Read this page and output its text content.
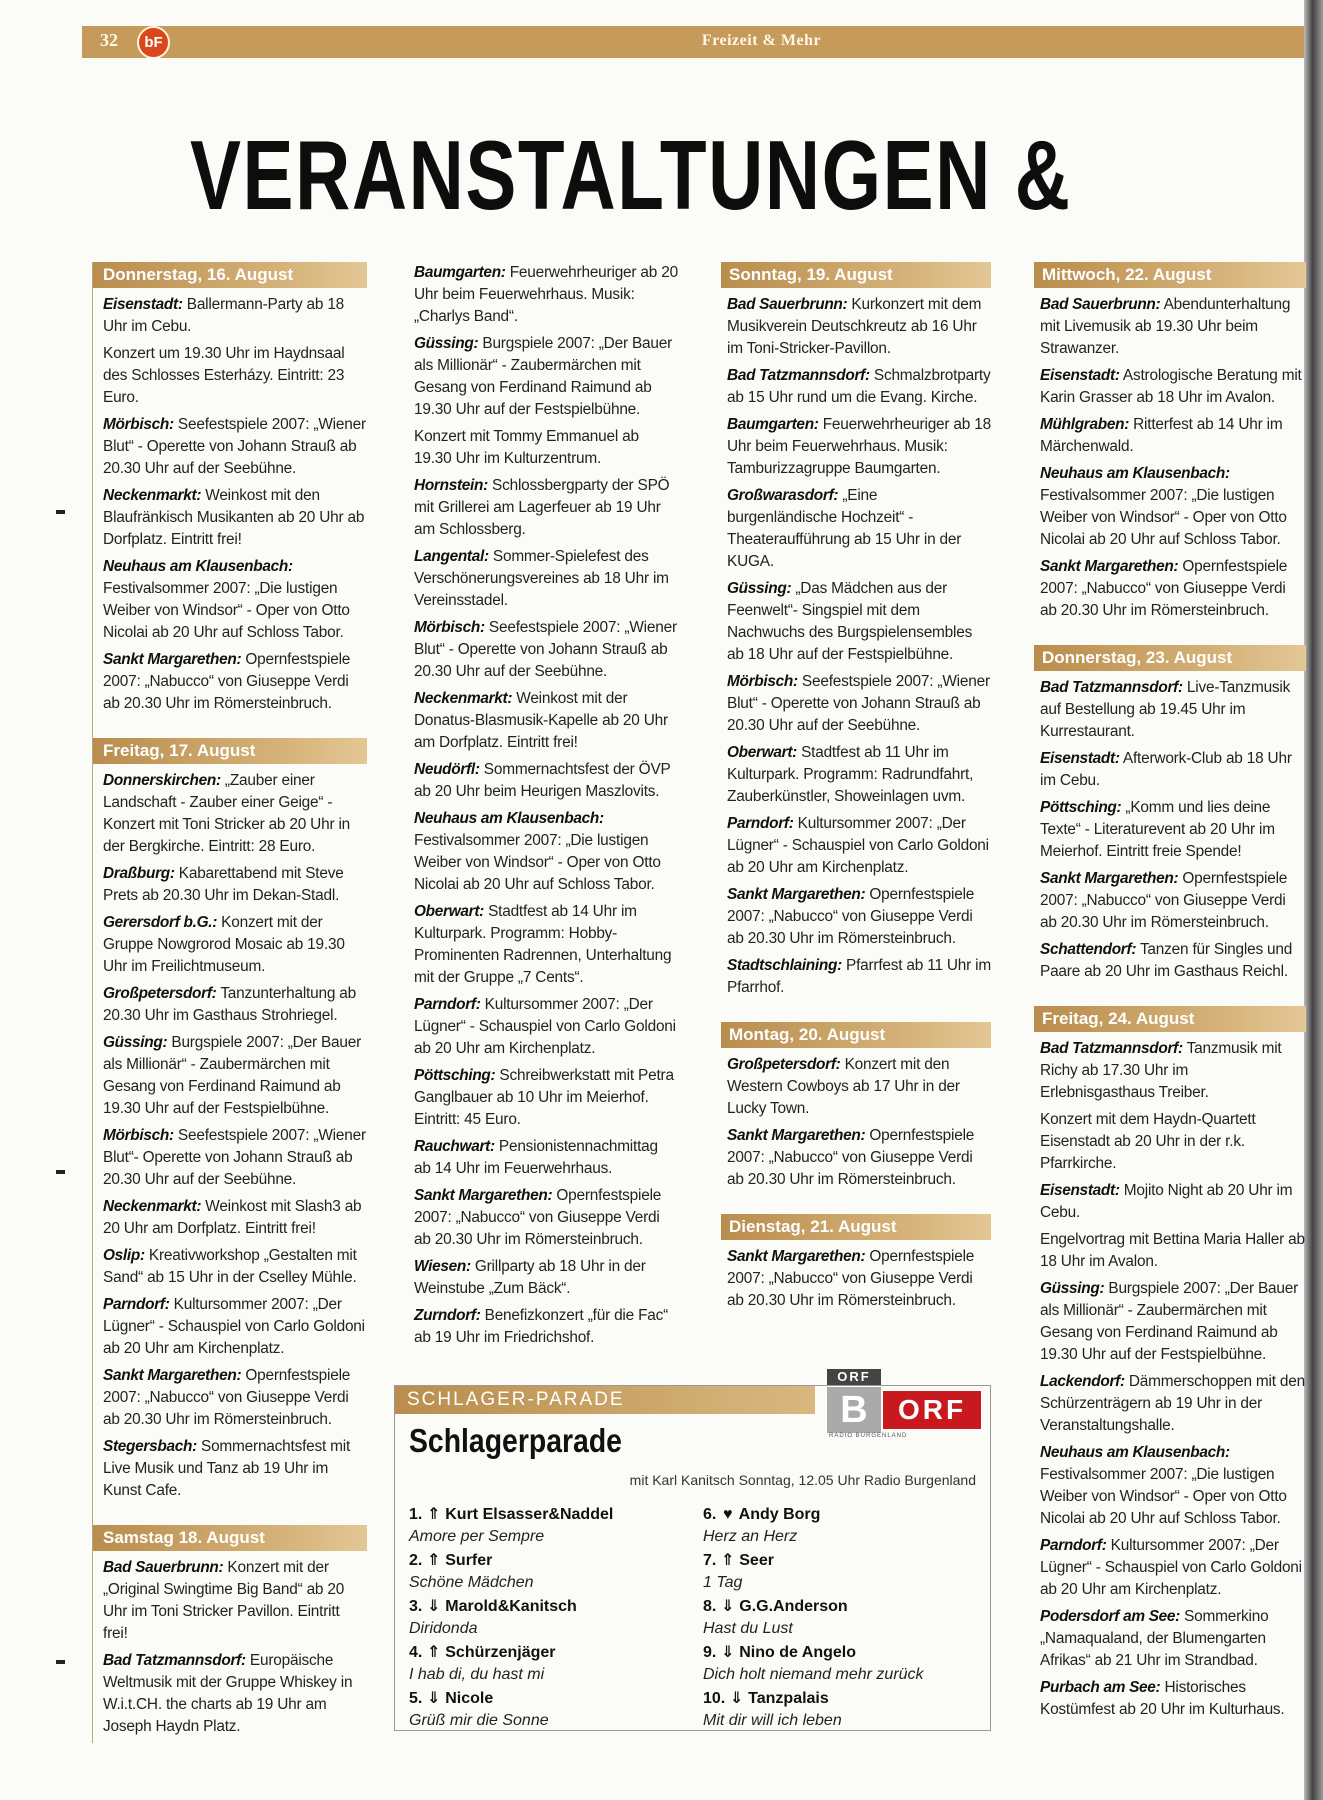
32	bF	Freizeit & Mehr
VERANSTALTUNGEN &
Donnerstag, 16. August

Eisenstadt: Ballermann-Party ab 18 Uhr im Cebu.

Konzert um 19.30 Uhr im Haydnsaal des Schlosses Esterházy. Eintritt: 23 Euro.

Mörbisch: Seefestspiele 2007: „Wiener Blut“ - Operette von Johann Strauß ab 20.30 Uhr auf der Seebühne.

Neckenmarkt: Weinkost mit den Blaufränkisch Musikanten ab 20 Uhr ab Dorfplatz. Eintritt frei!

Neuhaus am Klausenbach: Festivalsommer 2007: „Die lustigen Weiber von Windsor“ - Oper von Otto Nicolai ab 20 Uhr auf Schloss Tabor.

Sankt Margarethen: Opernfestspiele 2007: „Nabucco“ von Giuseppe Verdi ab 20.30 Uhr im Römersteinbruch.

Freitag, 17. August

Donnerskirchen: „Zauber einer Landschaft - Zauber einer Geige“ - Konzert mit Toni Stricker ab 20 Uhr in der Bergkirche. Eintritt: 28 Euro.

Draßburg: Kabarettabend mit Steve Prets ab 20.30 Uhr im Dekan-Stadl.

Gerersdorf b.G.: Konzert mit der Gruppe Nowgrorod Mosaic ab 19.30 Uhr im Freilichtmuseum.

Großpetersdorf: Tanzunterhaltung ab 20.30 Uhr im Gasthaus Strohriegel.

Güssing: Burgspiele 2007: „Der Bauer als Millionär“ - Zaubermärchen mit Gesang von Ferdinand Raimund ab 19.30 Uhr auf der Festspielbühne.

Mörbisch: Seefestspiele 2007: „Wiener Blut“- Operette von Johann Strauß ab 20.30 Uhr auf der Seebühne.

Neckenmarkt: Weinkost mit Slash3 ab 20 Uhr am Dorfplatz. Eintritt frei!

Oslip: Kreativworkshop „Gestalten mit Sand“ ab 15 Uhr in der Cselley Mühle.

Parndorf: Kultursommer 2007: „Der Lügner“ - Schauspiel von Carlo Goldoni ab 20 Uhr am Kirchenplatz.

Sankt Margarethen: Opernfestspiele 2007: „Nabucco“ von Giuseppe Verdi ab 20.30 Uhr im Römersteinbruch.

Stegersbach: Sommernachtsfest mit Live Musik und Tanz ab 19 Uhr im Kunst Cafe.

Samstag 18. August

Bad Sauerbrunn: Konzert mit der „Original Swingtime Big Band“ ab 20 Uhr im Toni Stricker Pavillon. Eintritt frei!

Bad Tatzmannsdorf: Europäische Weltmusik mit der Gruppe Whiskey in W.i.t.CH. the charts ab 19 Uhr am Joseph Haydn Platz.

Baumgarten: Feuerwehrheuriger ab 20 Uhr beim Feuerwehrhaus. Musik: „Charlys Band“.

Güssing: Burgspiele 2007: „Der Bauer als Millionär“ - Zaubermärchen mit Gesang von Ferdinand Raimund ab 19.30 Uhr auf der Festspielbühne.

Konzert mit Tommy Emmanuel ab 19.30 Uhr im Kulturzentrum.

Hornstein: Schlossbergparty der SPÖ mit Grillerei am Lagerfeuer ab 19 Uhr am Schlossberg.

Langental: Sommer-Spielefest des Verschönerungsvereines ab 18 Uhr im Vereinsstadel.

Mörbisch: Seefestspiele 2007: „Wiener Blut“ - Operette von Johann Strauß ab 20.30 Uhr auf der Seebühne.

Neckenmarkt: Weinkost mit der Donatus-Blasmusik-Kapelle ab 20 Uhr am Dorfplatz. Eintritt frei!

Neudörfl: Sommernachtsfest der ÖVP ab 20 Uhr beim Heurigen Maszlovits.

Neuhaus am Klausenbach: Festivalsommer 2007: „Die lustigen Weiber von Windsor“ - Oper von Otto Nicolai ab 20 Uhr auf Schloss Tabor.

Oberwart: Stadtfest ab 14 Uhr im Kulturpark. Programm: Hobby-Prominenten Radrennen, Unterhaltung mit der Gruppe „7 Cents“.

Parndorf: Kultursommer 2007: „Der Lügner“ - Schauspiel von Carlo Goldoni ab 20 Uhr am Kirchenplatz.

Pöttsching: Schreibwerkstatt mit Petra Ganglbauer ab 10 Uhr im Meierhof. Eintritt: 45 Euro.

Rauchwart: Pensionistennachmittag ab 14 Uhr im Feuerwehrhaus.

Sankt Margarethen: Opernfestspiele 2007: „Nabucco“ von Giuseppe Verdi ab 20.30 Uhr im Römersteinbruch.

Wiesen: Grillparty ab 18 Uhr in der Weinstube „Zum Bäck“.

Zurndorf: Benefizkonzert „für die Fac“ ab 19 Uhr im Friedrichshof.

Sonntag, 19. August

Bad Sauerbrunn: Kurkonzert mit dem Musikverein Deutschkreutz ab 16 Uhr im Toni-Stricker-Pavillon.

Bad Tatzmannsdorf: Schmalzbrotparty ab 15 Uhr rund um die Evang. Kirche.

Baumgarten: Feuerwehrheuriger ab 18 Uhr beim Feuerwehrhaus. Musik: Tamburizzagruppe Baumgarten.

Großwarasdorf: „Eine burgenländische Hochzeit“ - Theateraufführung ab 15 Uhr in der KUGA.

Güssing: „Das Mädchen aus der Feenwelt“- Singspiel mit dem Nachwuchs des Burgspielensembles ab 18 Uhr auf der Festspielbühne.

Mörbisch: Seefestspiele 2007: „Wiener Blut“ - Operette von Johann Strauß ab 20.30 Uhr auf der Seebühne.

Oberwart: Stadtfest ab 11 Uhr im Kulturpark. Programm: Radrundfahrt, Zauberkünstler, Showeinlagen uvm.

Parndorf: Kultursommer 2007: „Der Lügner“ - Schauspiel von Carlo Goldoni ab 20 Uhr am Kirchenplatz.

Sankt Margarethen: Opernfestspiele 2007: „Nabucco“ von Giuseppe Verdi ab 20.30 Uhr im Römersteinbruch.

Stadtschlaining: Pfarrfest ab 11 Uhr im Pfarrhof.

Montag, 20. August

Großpetersdorf: Konzert mit den Western Cowboys ab 17 Uhr in der Lucky Town.

Sankt Margarethen: Opernfestspiele 2007: „Nabucco“ von Giuseppe Verdi ab 20.30 Uhr im Römersteinbruch.

Dienstag, 21. August

Sankt Margarethen: Opernfestspiele 2007: „Nabucco“ von Giuseppe Verdi ab 20.30 Uhr im Römersteinbruch.

Mittwoch, 22. August

Bad Sauerbrunn: Abendunterhaltung mit Livemusik ab 19.30 Uhr beim Strawanzer.

Eisenstadt: Astrologische Beratung mit Karin Grasser ab 18 Uhr im Avalon.

Mühlgraben: Ritterfest ab 14 Uhr im Märchenwald.

Neuhaus am Klausenbach: Festivalsommer 2007: „Die lustigen Weiber von Windsor“ - Oper von Otto Nicolai ab 20 Uhr auf Schloss Tabor.

Sankt Margarethen: Opernfestspiele 2007: „Nabucco“ von Giuseppe Verdi ab 20.30 Uhr im Römersteinbruch.

Donnerstag, 23. August

Bad Tatzmannsdorf: Live-Tanzmusik auf Bestellung ab 19.45 Uhr im Kurrestaurant.

Eisenstadt: Afterwork-Club ab 18 Uhr im Cebu.

Pöttsching: „Komm und lies deine Texte“ - Literaturevent ab 20 Uhr im Meierhof. Eintritt freie Spende!

Sankt Margarethen: Opernfestspiele 2007: „Nabucco“ von Giuseppe Verdi ab 20.30 Uhr im Römersteinbruch.

Schattendorf: Tanzen für Singles und Paare ab 20 Uhr im Gasthaus Reichl.

Freitag, 24. August

Bad Tatzmannsdorf: Tanzmusik mit Richy ab 17.30 Uhr im Erlebnisgasthaus Treiber.

Konzert mit dem Haydn-Quartett Eisenstadt ab 20 Uhr in der r.k. Pfarrkirche.

Eisenstadt: Mojito Night ab 20 Uhr im Cebu.

Engelvortrag mit Bettina Maria Haller ab 18 Uhr im Avalon.

Güssing: Burgspiele 2007: „Der Bauer als Millionär“ - Zaubermärchen mit Gesang von Ferdinand Raimund ab 19.30 Uhr auf der Festspielbühne.

Lackendorf: Dämmerschoppen mit den Schürzenträgern ab 19 Uhr in der Veranstaltungshalle.

Neuhaus am Klausenbach: Festivalsommer 2007: „Die lustigen Weiber von Windsor“ - Oper von Otto Nicolai ab 20 Uhr auf Schloss Tabor.

Parndorf: Kultursommer 2007: „Der Lügner“ - Schauspiel von Carlo Goldoni ab 20 Uhr am Kirchenplatz.

Podersdorf am See: Sommerkino „Namaqualand, der Blumengarten Afrikas“ ab 21 Uhr im Strandbad.

Purbach am See: Historisches Kostümfest ab 20 Uhr im Kulturhaus.

SCHLAGER-PARADE
Schlagerparade
ORF
B	ORF
RADIO BURGENLAND
mit Karl Kanitsch Sonntag, 12.05 Uhr Radio Burgenland
1. ⇑ Kurt Elsasser&Naddel
Amore per Sempre
2. ⇑ Surfer
Schöne Mädchen
3. ⇓ Marold&Kanitsch
Diridonda
4. ⇑ Schürzenjäger
I hab di, du hast mi
5. ⇓ Nicole
Grüß mir die Sonne
6. ♥ Andy Borg
Herz an Herz
7. ⇑ Seer
1 Tag
8. ⇓ G.G.Anderson
Hast du Lust
9. ⇓ Nino de Angelo
Dich holt niemand mehr zurück
10. ⇓ Tanzpalais
Mit dir will ich leben
